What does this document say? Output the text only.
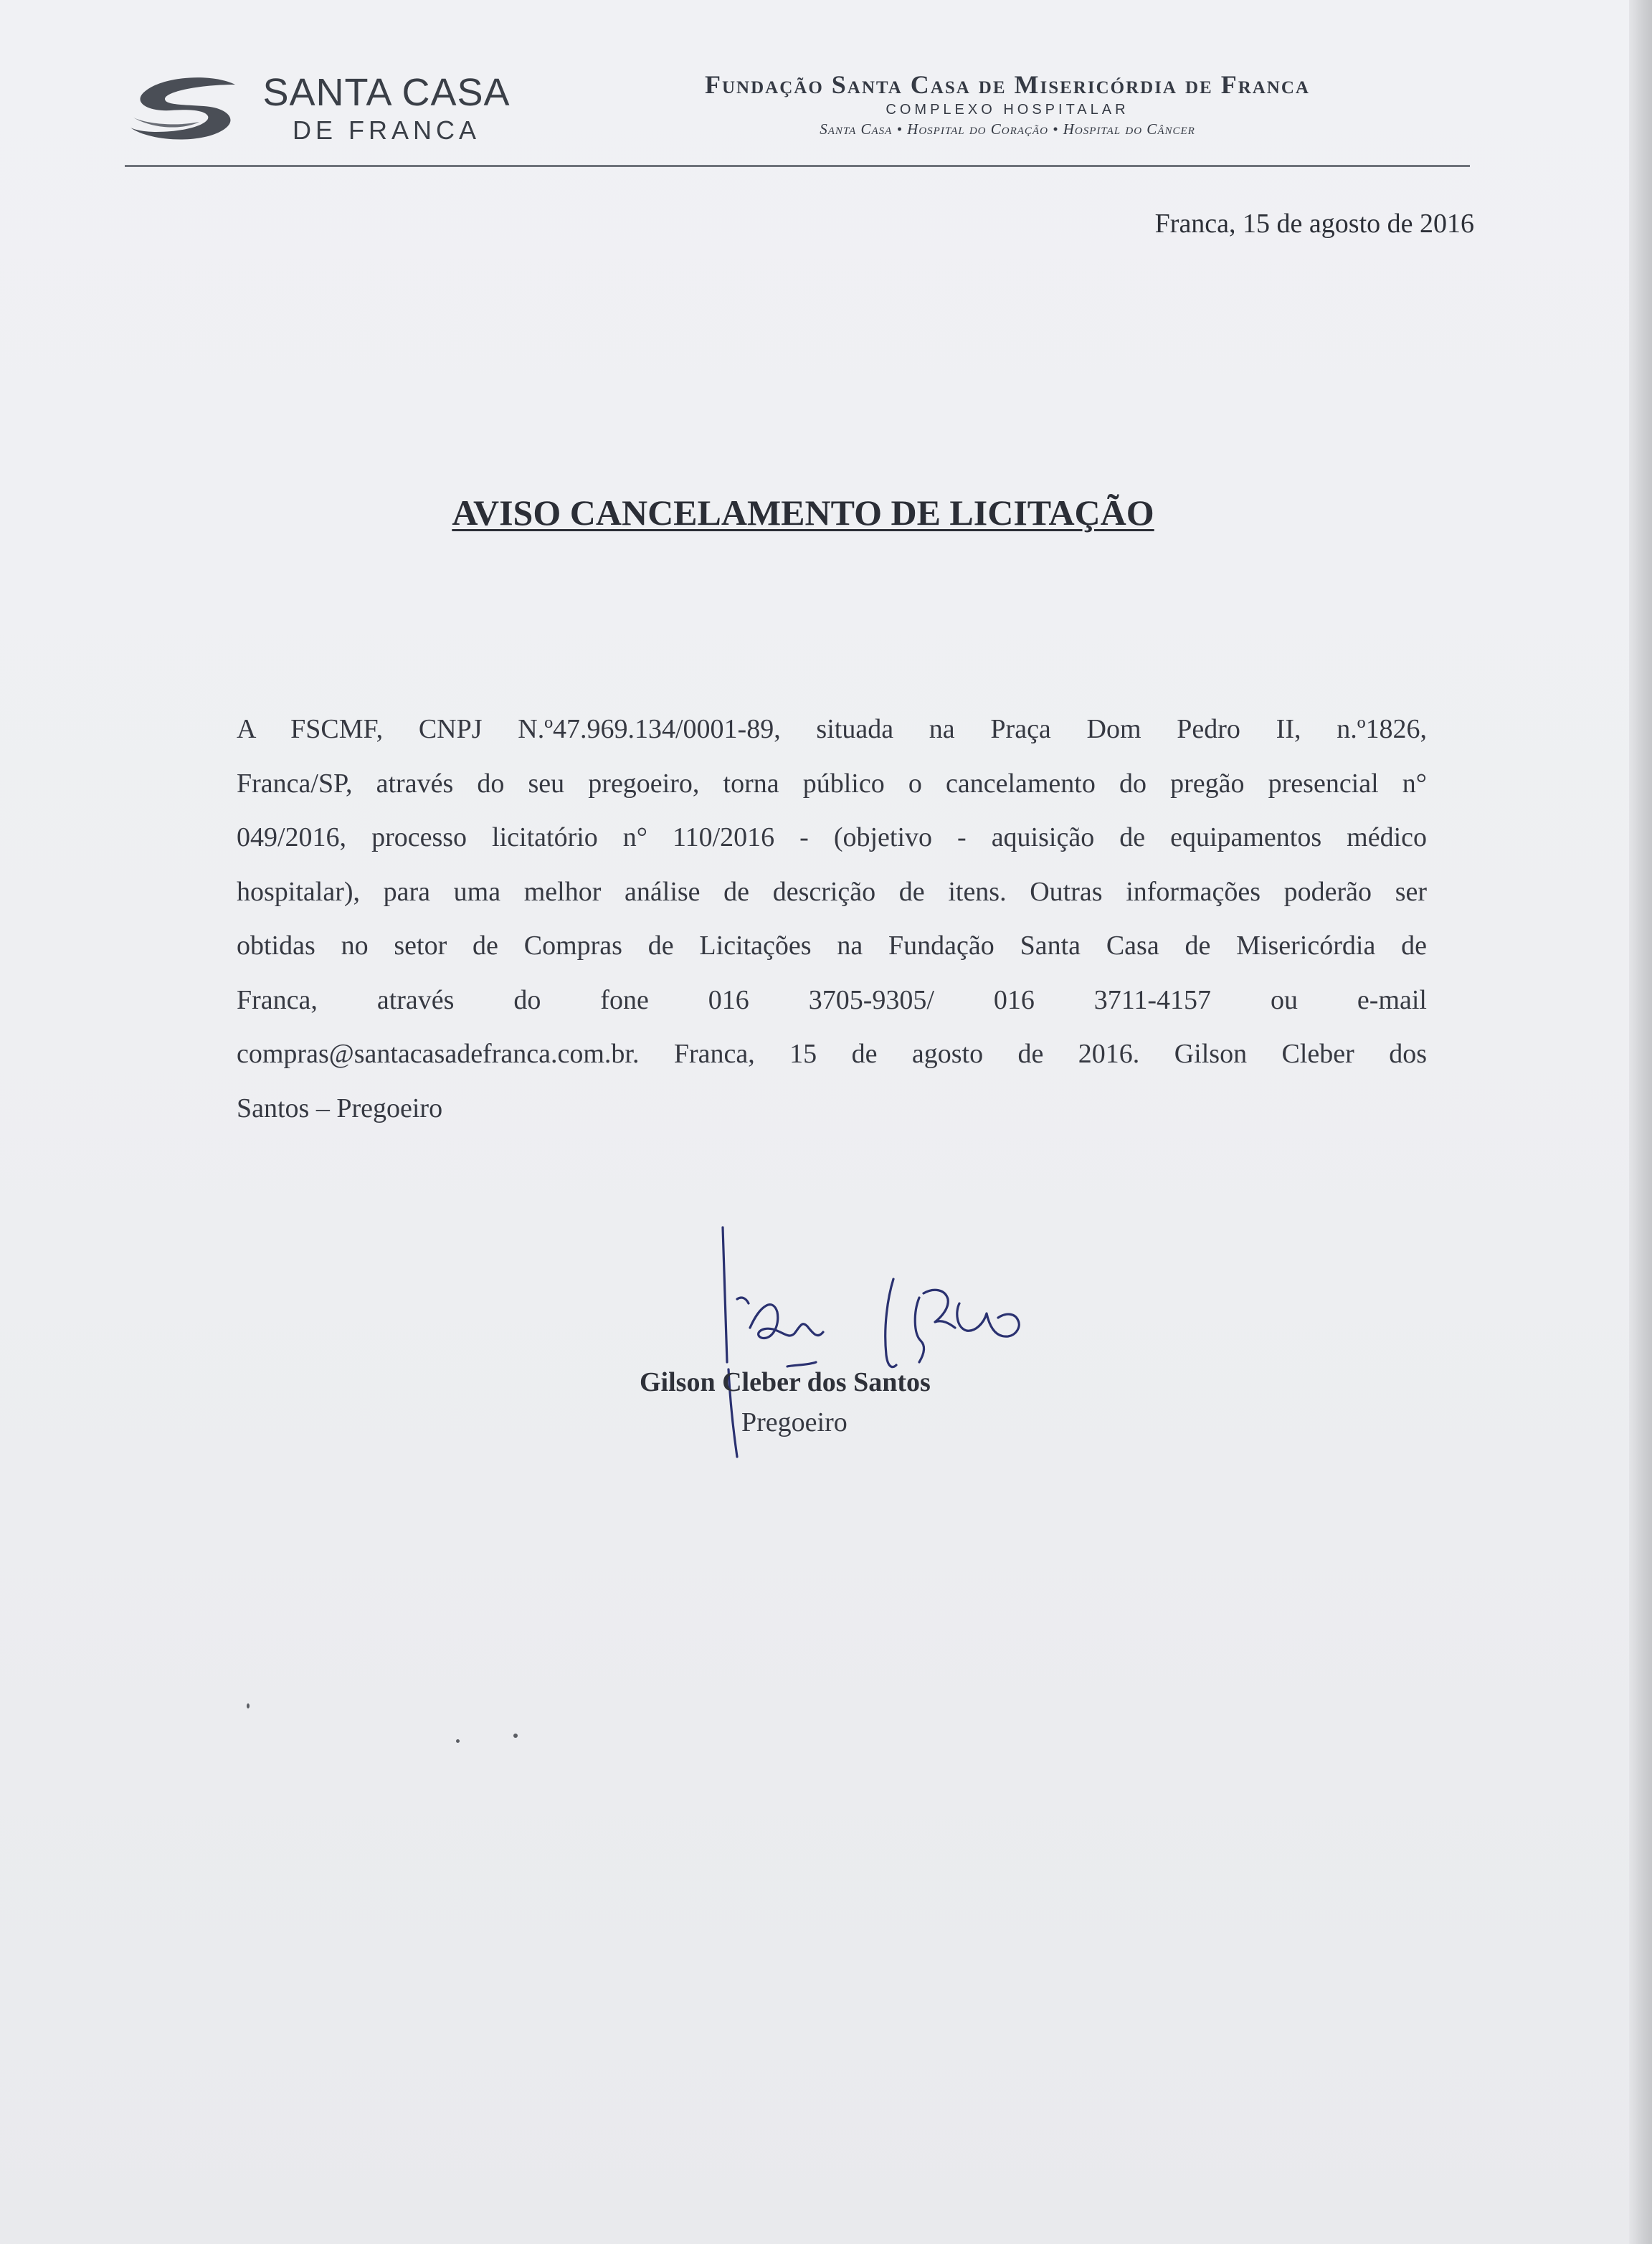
SANTA CASA
DE FRANCA
Fundação Santa Casa de Misericórdia de Franca
COMPLEXO HOSPITALAR
Santa Casa • Hospital do Coração • Hospital do Câncer
Franca, 15 de agosto de 2016
AVISO CANCELAMENTO DE LICITAÇÃO
A FSCMF, CNPJ N.º47.969.134/0001-89, situada na Praça Dom Pedro II, n.º1826,
Franca/SP, através do seu pregoeiro, torna público o cancelamento do pregão presencial n°
049/2016, processo licitatório n° 110/2016 - (objetivo - aquisição de equipamentos médico
hospitalar), para uma melhor análise de descrição de itens. Outras informações poderão ser
obtidas no setor de Compras de Licitações na Fundação Santa Casa de Misericórdia de
Franca, através do fone 016 3705-9305/ 016 3711-4157 ou e-mail
compras@santacasadefranca.com.br. Franca, 15 de agosto de 2016. Gilson Cleber dos
Santos – Pregoeiro
Gilson Cleber dos Santos
Pregoeiro
